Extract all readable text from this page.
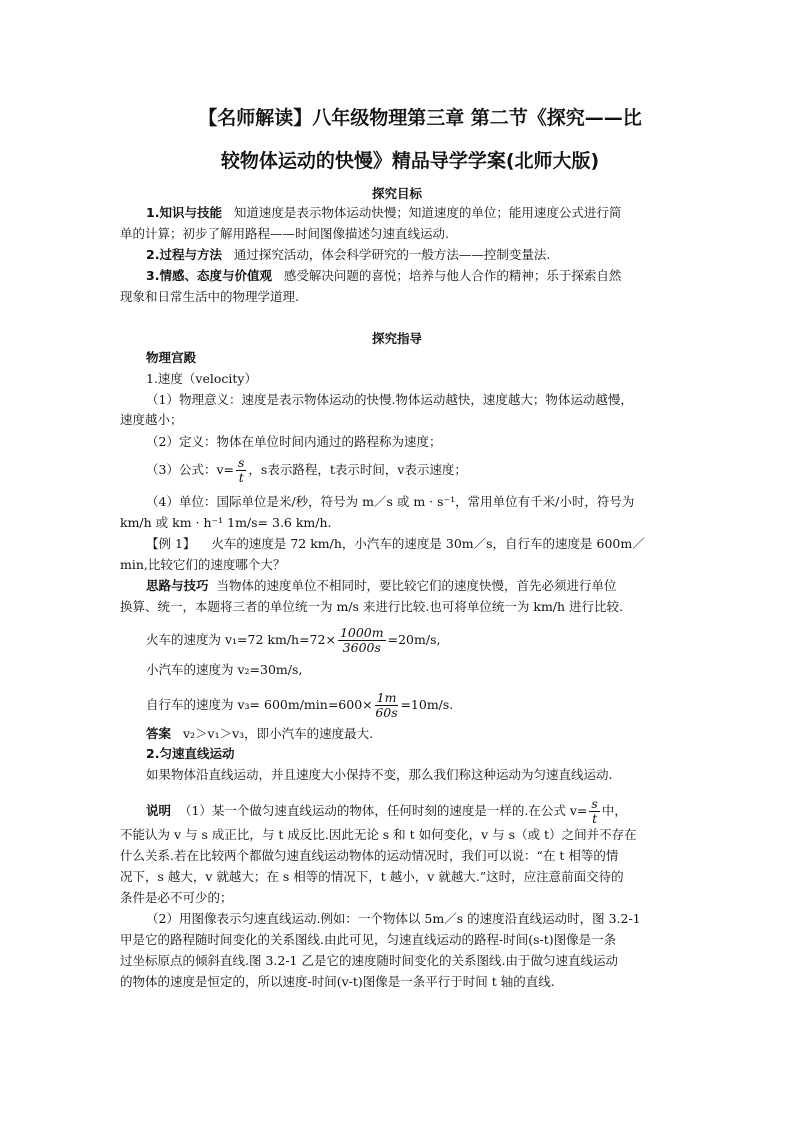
【名师解读】八年级物理第三章 第二节《探究——比
较物体运动的快慢》精品导学学案(北师大版)
探究目标
1.知识与技能 知道速度是表示物体运动快慢；知道速度的单位；能用速度公式进行简
单的计算；初步了解用路程——时间图像描述匀速直线运动.
2.过程与方法 通过探究活动，体会科学研究的一般方法——控制变量法.
3.情感、态度与价值观 感受解决问题的喜悦；培养与他人合作的精神；乐于探索自然
现象和日常生活中的物理学道理.
探究指导
物理宫殿
1.速度（velocity）
（1）物理意义：速度是表示物体运动的快慢.物体运动越快，速度越大；物体运动越慢，
速度越小；
（2）定义：物体在单位时间内通过的路程称为速度；
（3）公式：$v= \frac{s}{t}$ ，s表示路程，t表示时间，v表示速度；
（4）单位：国际单位是米/秒，符号为 m／s 或 m · s⁻¹，常用单位有千米/小时，符号为
km/h 或 km · h⁻¹ 1m/s= 3.6 km/h.
【例 1】 火车的速度是 72 km/h，小汽车的速度是 30m／s，自行车的速度是 600m／
min,比较它们的速度哪个大？
思路与技巧 当物体的速度单位不相同时，要比较它们的速度快慢，首先必须进行单位
换算、统一，本题将三者的单位统一为 m/s 来进行比较.也可将单位统一为 km/h 进行比较.
火车的速度为 v₁=72 $km/h=72\times \frac{1000m}{3600s} =20m/s$,
小汽车的速度为 v₂=30m/s,
自行车的速度为 $v_3= 600m/\min=600\times \frac{1m}{60s} =10m/s$.
答案 v₂＞v₁＞v₃，即小汽车的速度最大.
2.匀速直线运动
如果物体沿直线运动，并且速度大小保持不变，那么我们称这种运动为匀速直线运动.
说明 （1）某一个做匀速直线运动的物体，任何时刻的速度是一样的.在公式 $v= \frac{s}{t}$ 中，
不能认为 v 与 s 成正比，与 t 成反比.因此无论 s 和 t 如何变化，v 与 s（或 t）之间并不存在
什么关系.若在比较两个都做匀速直线运动物体的运动情况时，我们可以说：“在 t 相等的情
况下，s 越大，v 就越大；在 s 相等的情况下，t 越小，v 就越大.”这时，应注意前面交待的
条件是必不可少的；
（2）用图像表示匀速直线运动.例如：一个物体以 5m／s 的速度沿直线运动时，图 3.2-1
甲是它的路程随时间变化的关系图线.由此可见，匀速直线运动的路程-时间(s-t)图像是一条
过坐标原点的倾斜直线.图 3.2-1 乙是它的速度随时间变化的关系图线.由于做匀速直线运动
的物体的速度是恒定的，所以速度-时间(v-t)图像是一条平行于时间 t 轴的直线.
